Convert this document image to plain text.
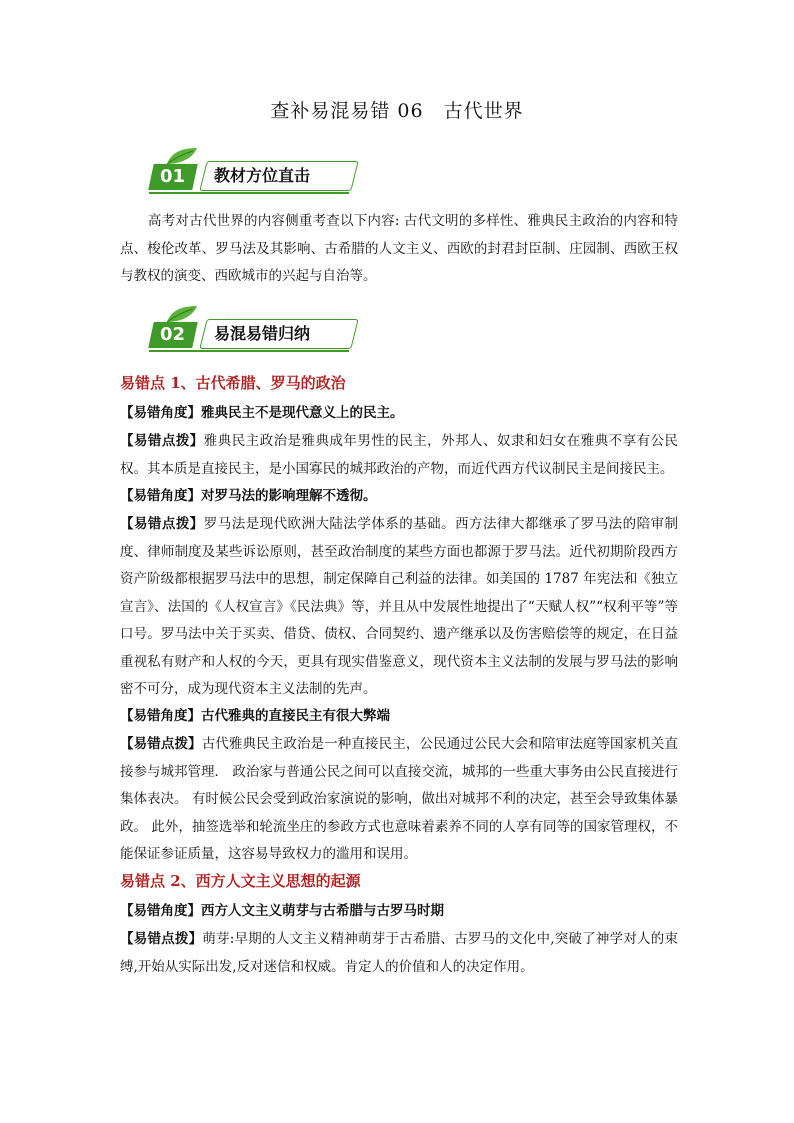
查补易混易错 06　古代世界
01	教材方位直击
高考对古代世界的内容侧重考查以下内容: 古代文明的多样性、雅典民主政治的内容和特点、梭伦改革、罗马法及其影响、古希腊的人文主义、西欧的封君封臣制、庄园制、西欧王权与教权的演变、西欧城市的兴起与自治等。
02	易混易错归纳
易错点 1、古代希腊、罗马的政治
【易错角度】雅典民主不是现代意义上的民主。
【易错点拨】雅典民主政治是雅典成年男性的民主，外邦人、奴隶和妇女在雅典不享有公民权。其本质是直接民主，是小国寡民的城邦政治的产物，而近代西方代议制民主是间接民主。
【易错角度】对罗马法的影响理解不透彻。
【易错点拨】罗马法是现代欧洲大陆法学体系的基础。西方法律大都继承了罗马法的陪审制度、律师制度及某些诉讼原则，甚至政治制度的某些方面也都源于罗马法。近代初期阶段西方资产阶级都根据罗马法中的思想，制定保障自己利益的法律。如美国的 1787 年宪法和《独立宣言》、法国的《人权宣言》《民法典》等，并且从中发展性地提出了“天赋人权”“权利平等”等口号。罗马法中关于买卖、借贷、债权、合同契约、遗产继承以及伤害赔偿等的规定，在日益重视私有财产和人权的今天，更具有现实借鉴意义，现代资本主义法制的发展与罗马法的影响密不可分，成为现代资本主义法制的先声。
【易错角度】古代雅典的直接民主有很大弊端
【易错点拨】古代雅典民主政治是一种直接民主，公民通过公民大会和陪审法庭等国家机关直接参与城邦管理． 政治家与普通公民之间可以直接交流，城邦的一些重大事务由公民直接进行集体表决。 有时候公民会受到政治家演说的影响，做出对城邦不利的决定，甚至会导致集体暴政。 此外，抽签选举和轮流坐庄的参政方式也意味着素养不同的人享有同等的国家管理权，不能保证参证质量，这容易导致权力的滥用和误用。
易错点 2、西方人文主义思想的起源
【易错角度】西方人文主义萌芽与古希腊与古罗马时期
【易错点拨】萌芽:早期的人文主义精神萌芽于古希腊、古罗马的文化中,突破了神学对人的束缚,开始从实际出发,反对迷信和权威。肯定人的价值和人的决定作用。
